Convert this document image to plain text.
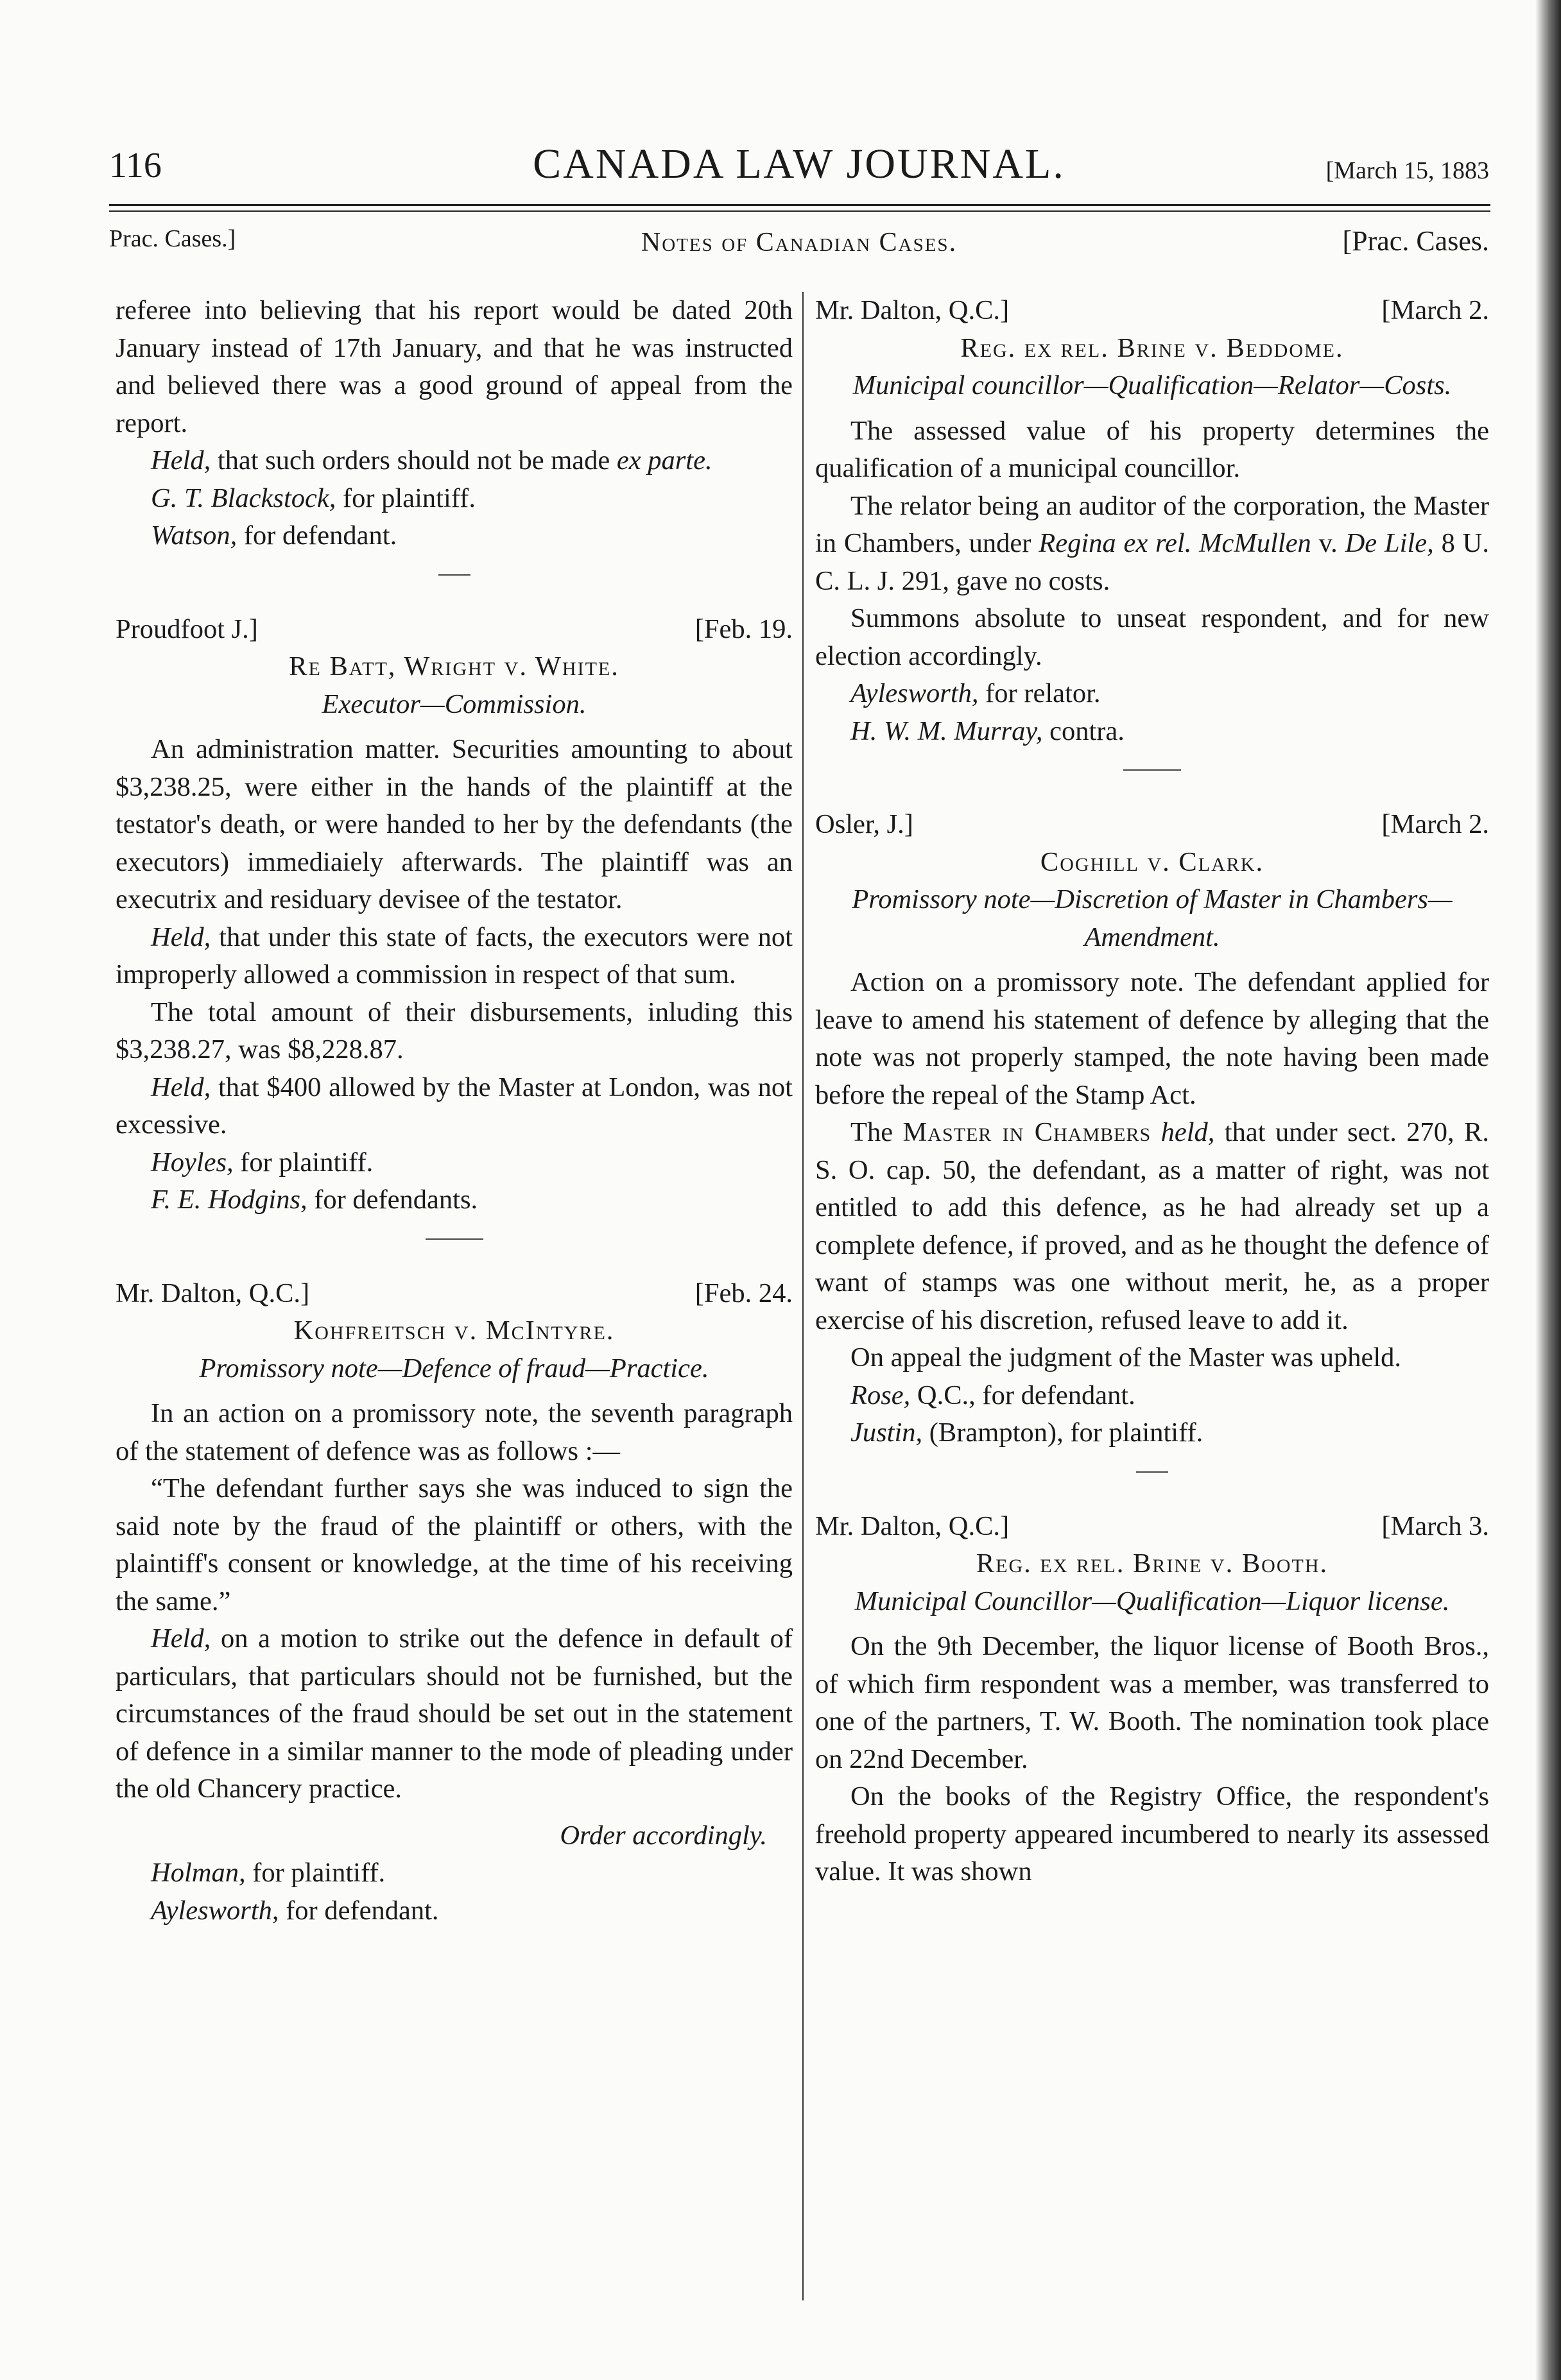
116	CANADA LAW JOURNAL.	[March 15, 1883
Prac. Cases.]	Notes of Canadian Cases.	[Prac. Cases.

referee into believing that his report would be dated 20th January instead of 17th January, and that he was instructed and believed there was a good ground of appeal from the report.

Held, that such orders should not be made ex parte.

G. T. Blackstock, for plaintiff.

Watson, for defendant.

Proudfoot J.]	[Feb. 19.
Re Batt, Wright v. White.
Executor—Commission.

An administration matter. Securities amounting to about $3,238.25, were either in the hands of the plaintiff at the testator's death, or were handed to her by the defendants (the executors) immediaiely afterwards. The plaintiff was an executrix and residuary devisee of the testator.

Held, that under this state of facts, the executors were not improperly allowed a commission in respect of that sum.

The total amount of their disbursements, inluding this $3,238.27, was $8,228.87.

Held, that $400 allowed by the Master at London, was not excessive.

Hoyles, for plaintiff.

F. E. Hodgins, for defendants.

Mr. Dalton, Q.C.]	[Feb. 24.
Kohfreitsch v. McIntyre.
Promissory note—Defence of fraud—Practice.

In an action on a promissory note, the seventh paragraph of the statement of defence was as follows :—

“The defendant further says she was induced to sign the said note by the fraud of the plaintiff or others, with the plaintiff's consent or knowledge, at the time of his receiving the same.”

Held, on a motion to strike out the defence in default of particulars, that particulars should not be furnished, but the circumstances of the fraud should be set out in the statement of defence in a similar manner to the mode of pleading under the old Chancery practice.

Order accordingly.

Holman, for plaintiff.

Aylesworth, for defendant.

Mr. Dalton, Q.C.]	[March 2.
Reg. ex rel. Brine v. Beddome.
Municipal councillor—Qualification—Relator—Costs.

The assessed value of his property determines the qualification of a municipal councillor.

The relator being an auditor of the corporation, the Master in Chambers, under Regina ex rel. McMullen v. De Lile, 8 U. C. L. J. 291, gave no costs.

Summons absolute to unseat respondent, and for new election accordingly.

Aylesworth, for relator.

H. W. M. Murray, contra.

Osler, J.]	[March 2.
Coghill v. Clark.
Promissory note—Discretion of Master in Chambers—Amendment.

Action on a promissory note. The defendant applied for leave to amend his statement of defence by alleging that the note was not properly stamped, the note having been made before the repeal of the Stamp Act.

The Master in Chambers held, that under sect. 270, R. S. O. cap. 50, the defendant, as a matter of right, was not entitled to add this defence, as he had already set up a complete defence, if proved, and as he thought the defence of want of stamps was one without merit, he, as a proper exercise of his discretion, refused leave to add it.

On appeal the judgment of the Master was upheld.

Rose, Q.C., for defendant.

Justin, (Brampton), for plaintiff.

Mr. Dalton, Q.C.]	[March 3.
Reg. ex rel. Brine v. Booth.
Municipal Councillor—Qualification—Liquor license.

On the 9th December, the liquor license of Booth Bros., of which firm respondent was a member, was transferred to one of the partners, T. W. Booth. The nomination took place on 22nd December.

On the books of the Registry Office, the respondent's freehold property appeared incumbered to nearly its assessed value. It was shown
